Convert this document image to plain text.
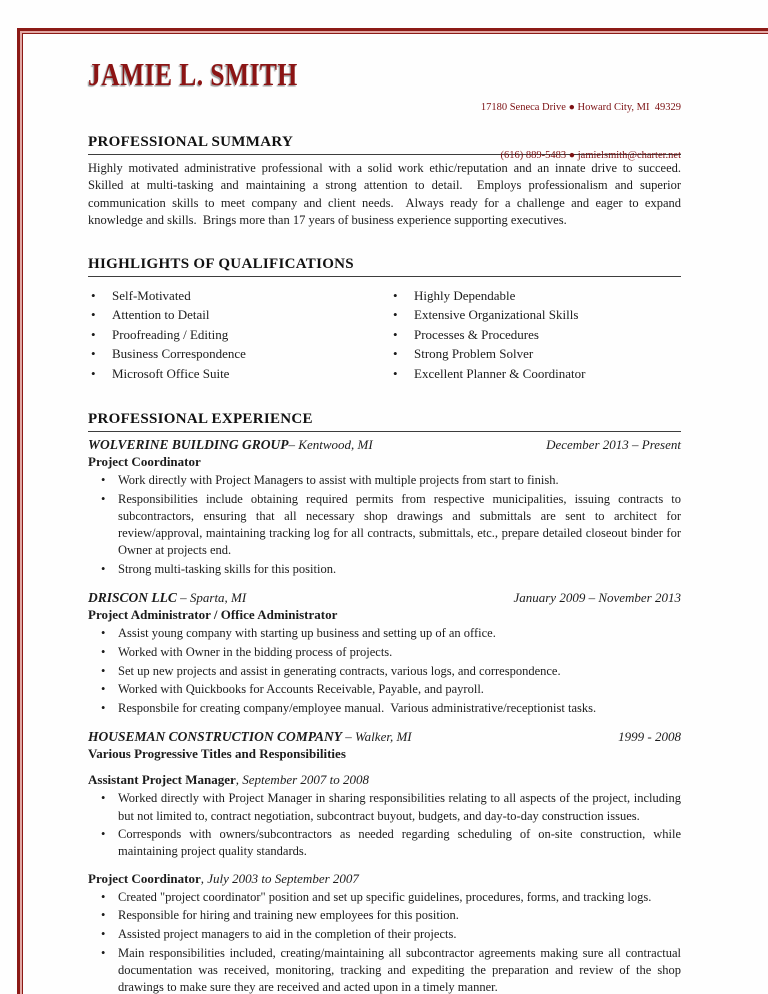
JAMIE L. SMITH

17180 Seneca Drive ● Howard City, MI  49329

(616) 889-5483 ● jamielsmith@charter.net

PROFESSIONAL SUMMARY

Highly motivated administrative professional with a solid work ethic/reputation and an innate drive to succeed.  Skilled at multi-tasking and maintaining a strong attention to detail.  Employs professionalism and superior communication skills to meet company and client needs.  Always ready for a challenge and eager to expand knowledge and skills.  Brings more than 17 years of business experience supporting executives.

HIGHLIGHTS OF QUALIFICATIONS
• Self-Motivated
• Attention to Detail
• Proofreading / Editing
• Business Correspondence
• Microsoft Office Suite
• Highly Dependable
• Extensive Organizational Skills
• Processes & Procedures
• Strong Problem Solver
• Excellent Planner & Coordinator
PROFESSIONAL EXPERIENCE
WOLVERINE BUILDING GROUP– Kentwood, MI	December 2013 – Present
Project Coordinator
• Work directly with Project Managers to assist with multiple projects from start to finish.
• Responsibilities include obtaining required permits from respective municipalities, issuing contracts to subcontractors, ensuring that all necessary shop drawings and submittals are sent to architect for review/approval, maintaining tracking log for all contracts, submittals, etc., prepare detailed closeout binder for Owner at projects end.
• Strong multi-tasking skills for this position.
DRISCON LLC – Sparta, MI	January 2009 – November 2013
Project Administrator / Office Administrator
• Assist young company with starting up business and setting up of an office.
• Worked with Owner in the bidding process of projects.
• Set up new projects and assist in generating contracts, various logs, and correspondence.
• Worked with Quickbooks for Accounts Receivable, Payable, and payroll.
• Responsbile for creating company/employee manual.  Various administrative/receptionist tasks.
HOUSEMAN CONSTRUCTION COMPANY – Walker, MI	1999 - 2008
Various Progressive Titles and Responsibilities
Assistant Project Manager, September 2007 to 2008
• Worked directly with Project Manager in sharing responsibilities relating to all aspects of the project, including but not limited to, contract negotiation, subcontract buyout, budgets, and day-to-day construction issues.
• Corresponds with owners/subcontractors as needed regarding scheduling of on-site construction, while maintaining project quality standards.
Project Coordinator, July 2003 to September 2007
• Created "project coordinator" position and set up specific guidelines, procedures, forms, and tracking logs.
• Responsible for hiring and training new employees for this position.
• Assisted project managers to aid in the completion of their projects.
• Main responsibilities included, creating/maintaining all subcontractor agreements making sure all contractual documentation was received, monitoring, tracking and expediting the preparation and review of the shop drawings to make sure they are received and acted upon in a timely manner.
